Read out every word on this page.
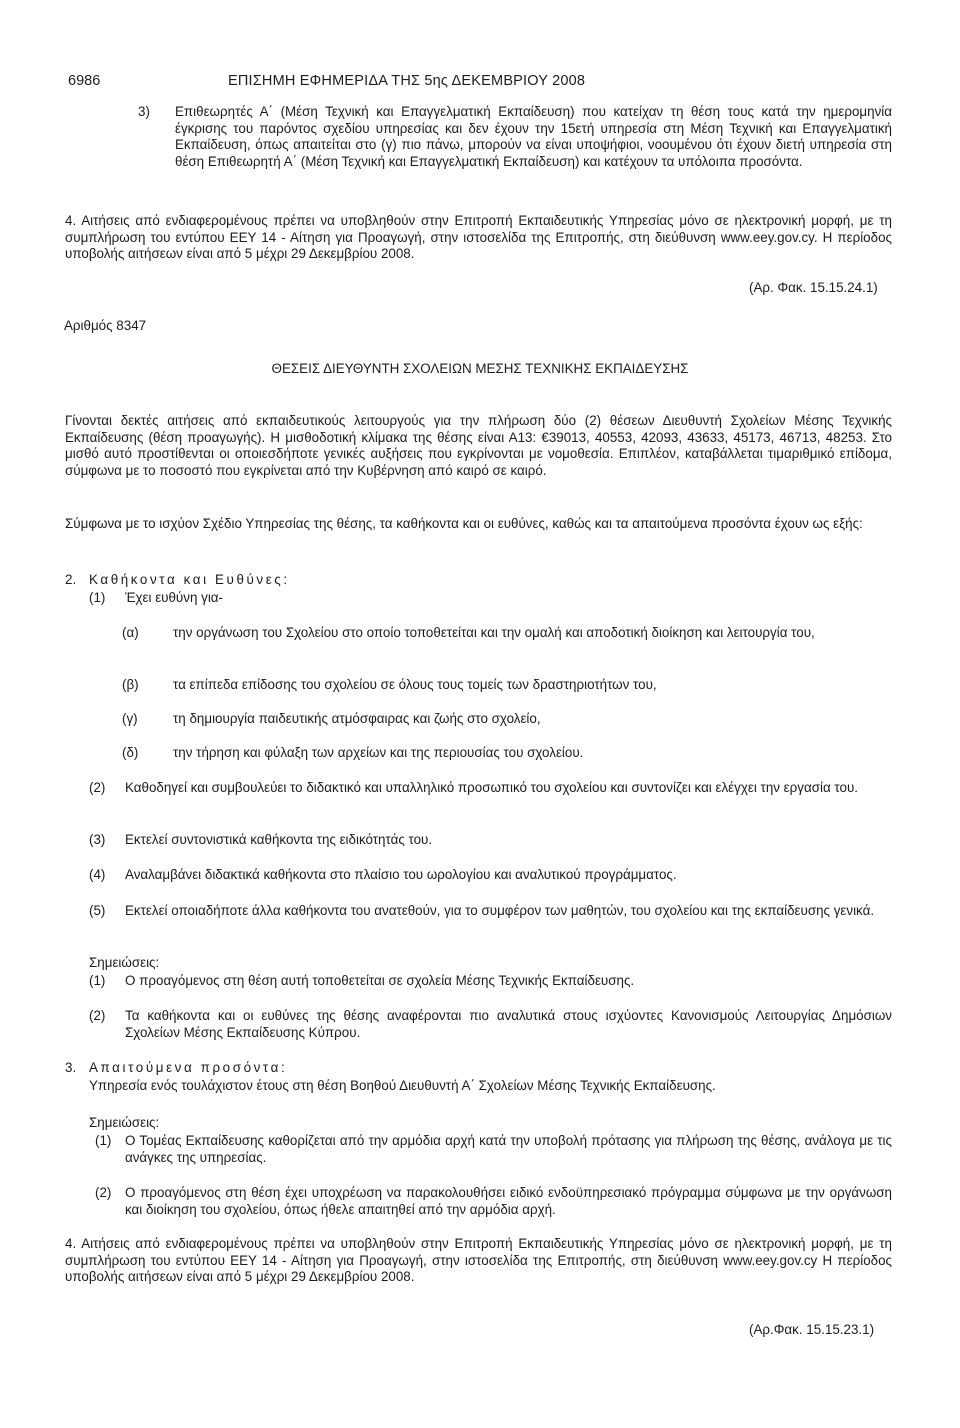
6986	ΕΠΙΣΗΜΗ ΕΦΗΜΕΡΙΔΑ ΤΗΣ 5ης ΔΕΚΕΜΒΡΙΟΥ 2008
3) Επιθεωρητές Α΄ (Μέση Τεχνική και Επαγγελματική Εκπαίδευση) που κατείχαν τη θέση τους κατά την ημερομηνία έγκρισης του παρόντος σχεδίου υπηρεσίας και δεν έχουν την 15ετή υπηρεσία στη Μέση Τεχνική και Επαγγελματική Εκπαίδευση, όπως απαιτείται στο (γ) πιο πάνω, μπορούν να είναι υποψήφιοι, νοουμένου ότι έχουν διετή υπηρεσία στη θέση Επιθεωρητή Α΄ (Μέση Τεχνική και Επαγγελματική Εκπαίδευση) και κατέχουν τα υπόλοιπα προσόντα.
4. Αιτήσεις από ενδιαφερομένους πρέπει να υποβληθούν στην Επιτροπή Εκπαιδευτικής Υπηρεσίας μόνο σε ηλεκτρονική μορφή, με τη συμπλήρωση του εντύπου ΕΕΥ 14 - Αίτηση για Προαγωγή, στην ιστοσελίδα της Επιτροπής, στη διεύθυνση www.eey.gov.cy. Η περίοδος υποβολής αιτήσεων είναι από 5 μέχρι 29 Δεκεμβρίου 2008.
(Αρ. Φακ. 15.15.24.1)
Αριθμός 8347
ΘΕΣΕΙΣ ΔΙΕΥΘΥΝΤΗ ΣΧΟΛΕΙΩΝ ΜΕΣΗΣ ΤΕΧΝΙΚΗΣ ΕΚΠΑΙΔΕΥΣΗΣ
Γίνονται δεκτές αιτήσεις από εκπαιδευτικούς λειτουργούς για την πλήρωση δύο (2) θέσεων Διευθυντή Σχολείων Μέσης Τεχνικής Εκπαίδευσης (θέση προαγωγής). Η μισθοδοτική κλίμακα της θέσης είναι Α13: €39013, 40553, 42093, 43633, 45173, 46713, 48253. Στο μισθό αυτό προστίθενται οι οποιεσδήποτε γενικές αυξήσεις που εγκρίνονται με νομοθεσία. Επιπλέον, καταβάλλεται τιμαριθμικό επίδομα, σύμφωνα με το ποσοστό που εγκρίνεται από την Κυβέρνηση από καιρό σε καιρό.
Σύμφωνα με το ισχύον Σχέδιο Υπηρεσίας της θέσης, τα καθήκοντα και οι ευθύνες, καθώς και τα απαιτούμενα προσόντα έχουν ως εξής:
2. Καθήκοντα και Ευθύνες:
(1) Έχει ευθύνη για-
(α)	την οργάνωση του Σχολείου στο οποίο τοποθετείται και την ομαλή και αποδοτική διοίκηση και λειτουργία του,
(β)	τα επίπεδα επίδοσης του σχολείου σε όλους τους τομείς των δραστηριοτήτων του,
(γ)	τη δημιουργία παιδευτικής ατμόσφαιρας και ζωής στο σχολείο,
(δ)	την τήρηση και φύλαξη των αρχείων και της περιουσίας του σχολείου.
(2) Καθοδηγεί και συμβουλεύει το διδακτικό και υπαλληλικό προσωπικό του σχολείου και συντονίζει και ελέγχει την εργασία του.
(3) Εκτελεί συντονιστικά καθήκοντα της ειδικότητάς του.
(4) Αναλαμβάνει διδακτικά καθήκοντα στο πλαίσιο του ωρολογίου και αναλυτικού προγράμματος.
(5) Εκτελεί οποιαδήποτε άλλα καθήκοντα του ανατεθούν, για το συμφέρον των μαθητών, του σχολείου και της εκπαίδευσης γενικά.
Σημειώσεις:
(1) Ο προαγόμενος στη θέση αυτή τοποθετείται σε σχολεία Μέσης Τεχνικής Εκπαίδευσης.
(2) Τα καθήκοντα και οι ευθύνες της θέσης αναφέρονται πιο αναλυτικά στους ισχύοντες Κανονισμούς Λειτουργίας Δημόσιων Σχολείων Μέσης Εκπαίδευσης Κύπρου.
3. Απαιτούμενα προσόντα:
Υπηρεσία ενός τουλάχιστον έτους στη θέση Βοηθού Διευθυντή Α΄ Σχολείων Μέσης Τεχνικής Εκπαίδευσης.
Σημειώσεις:
(1) Ο Τομέας Εκπαίδευσης καθορίζεται από την αρμόδια αρχή κατά την υποβολή πρότασης για πλήρωση της θέσης, ανάλογα με τις ανάγκες της υπηρεσίας.
(2) Ο προαγόμενος στη θέση έχει υποχρέωση να παρακολουθήσει ειδικό ενδοϋπηρεσιακό πρόγραμμα σύμφωνα με την οργάνωση και διοίκηση του σχολείου, όπως ήθελε απαιτηθεί από την αρμόδια αρχή.
4. Αιτήσεις από ενδιαφερομένους πρέπει να υποβληθούν στην Επιτροπή Εκπαιδευτικής Υπηρεσίας μόνο σε ηλεκτρονική μορφή, με τη συμπλήρωση του εντύπου ΕΕΥ 14 - Αίτηση για Προαγωγή, στην ιστοσελίδα της Επιτροπής, στη διεύθυνση www.eey.gov.cy Η περίοδος υποβολής αιτήσεων είναι από 5 μέχρι 29 Δεκεμβρίου 2008.
(Αρ.Φακ. 15.15.23.1)
